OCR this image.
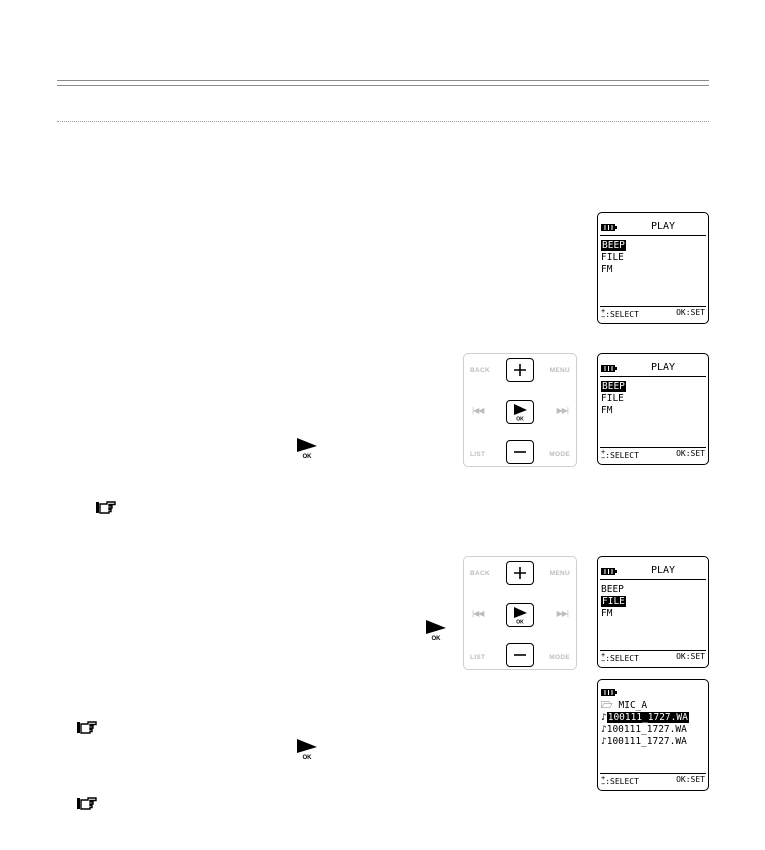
PLAY
BEEP
FILE
FM
+
−:SELECT	OK:SET
BACK	MENU
|◀◀	▶▶|
OK
LIST	MODE
PLAY
BEEP
FILE
FM
+
−:SELECT	OK:SET
OK
BACK	MENU
|◀◀	▶▶|
OK
LIST	MODE
PLAY
BEEP
FILE
FM
+
−:SELECT	OK:SET
OK
🗁 MIC_A
♪100111_1727.WA
♪100111_1727.WA
♪100111_1727.WA
+
−:SELECT	OK:SET
OK
